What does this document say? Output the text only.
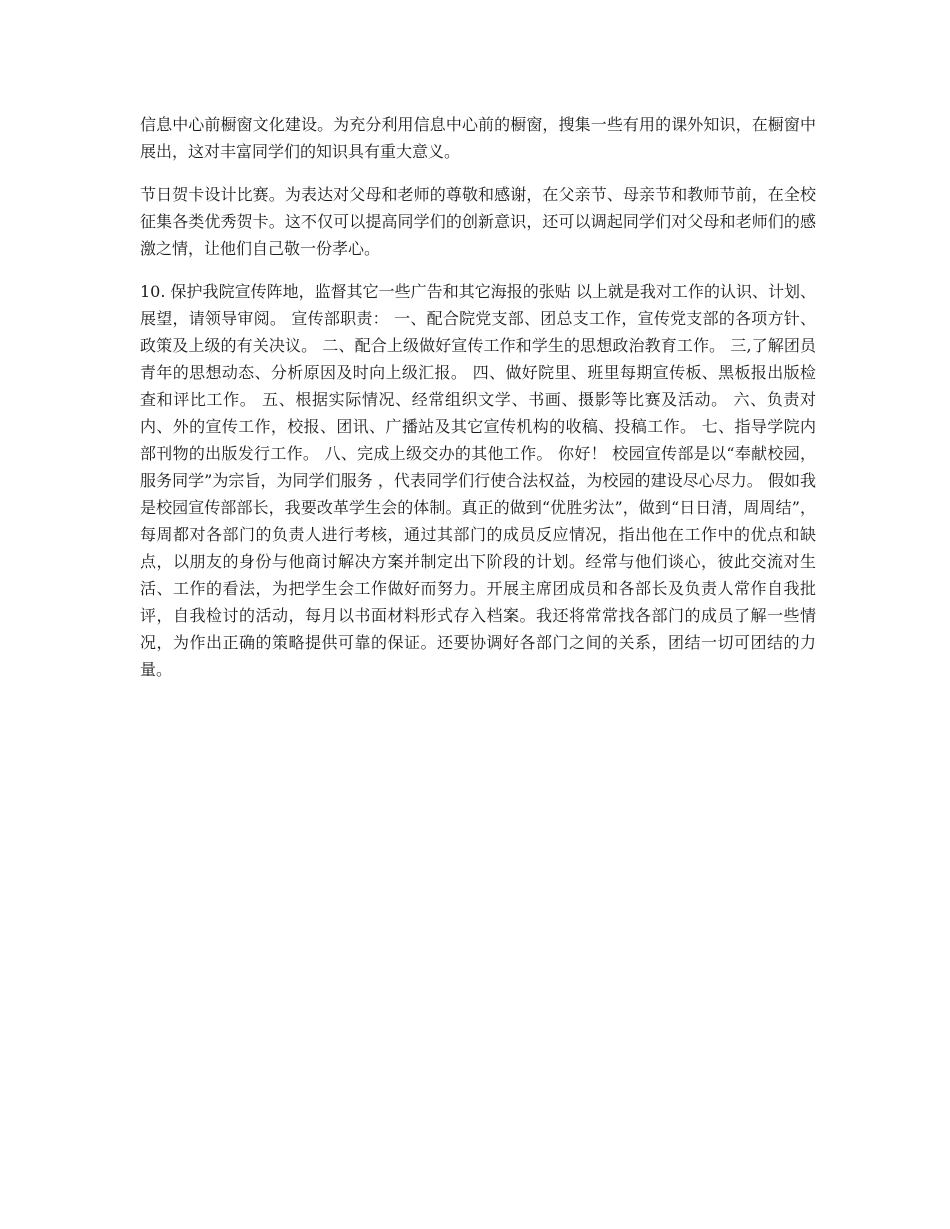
信息中心前橱窗文化建设。为充分利用信息中心前的橱窗，搜集一些有用的课外知识，在橱窗中展出，这对丰富同学们的知识具有重大意义。

节日贺卡设计比赛。为表达对父母和老师的尊敬和感谢，在父亲节、母亲节和教师节前，在全校征集各类优秀贺卡。这不仅可以提高同学们的创新意识，还可以调起同学们对父母和老师们的感激之情，让他们自己敬一份孝心。

10. 保护我院宣传阵地，监督其它一些广告和其它海报的张贴 以上就是我对工作的认识、计划、展望，请领导审阅。 宣传部职责： 一、配合院党支部、团总支工作，宣传党支部的各项方针、政策及上级的有关决议。 二、配合上级做好宣传工作和学生的思想政治教育工作。 三,了解团员青年的思想动态、分析原因及时向上级汇报。 四、做好院里、班里每期宣传板、黑板报出版检查和评比工作。 五、根据实际情况、经常组织文学、书画、摄影等比赛及活动。 六、负责对内、外的宣传工作，校报、团讯、广播站及其它宣传机构的收稿、投稿工作。 七、指导学院内部刊物的出版发行工作。 八、完成上级交办的其他工作。 你好！ 校园宣传部是以“奉献校园，服务同学”为宗旨，为同学们服务 ，代表同学们行使合法权益，为校园的建设尽心尽力。 假如我是校园宣传部部长，我要改革学生会的体制。真正的做到“优胜劣汰”，做到“日日清，周周结”，每周都对各部门的负责人进行考核，通过其部门的成员反应情况，指出他在工作中的优点和缺点，以朋友的身份与他商讨解决方案并制定出下阶段的计划。经常与他们谈心，彼此交流对生活、工作的看法，为把学生会工作做好而努力。开展主席团成员和各部长及负责人常作自我批评，自我检讨的活动，每月以书面材料形式存入档案。我还将常常找各部门的成员了解一些情况，为作出正确的策略提供可靠的保证。还要协调好各部门之间的关系，团结一切可团结的力量。
